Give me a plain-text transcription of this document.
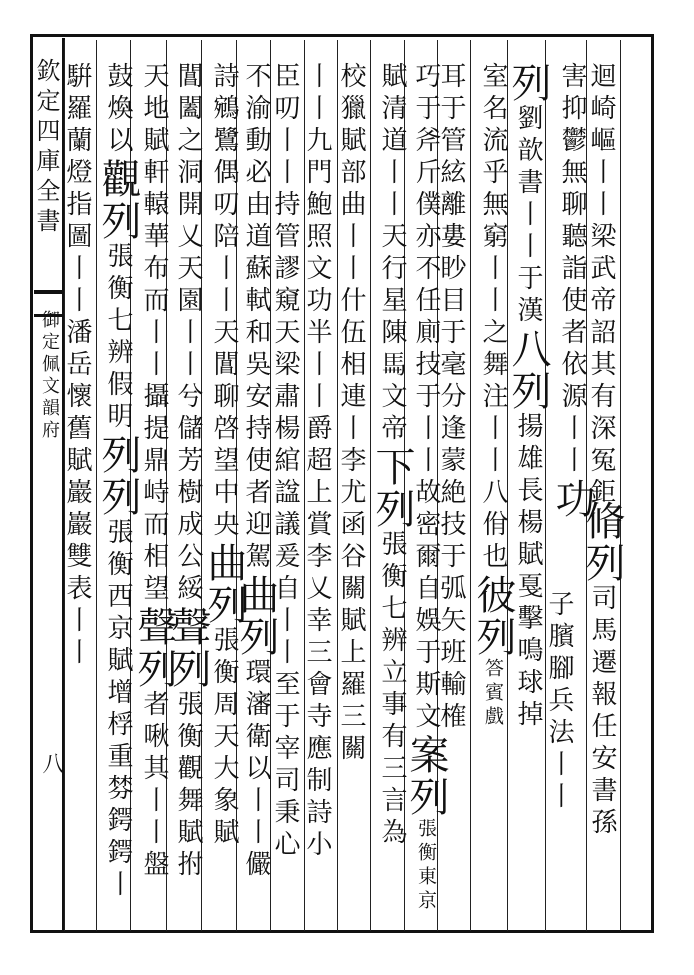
欽定四庫全書
御定佩文韻府
八
迴崎嶇丨丨梁武帝詔其有深冤鉅
害抑鬱無聊聽詣使者依源丨丨功
列劉歆書丨丨于漢八列揚雄長楊賦戛擊鳴球掉
室名流乎無窮丨丨之舞注丨丨八佾也彼列答賓戲
脩列司馬遷報任安書孫
子臏腳兵法丨丨
耳于管絃離婁眇目于毫分逢蒙絶技于弧矢班輸榷
巧于斧斤僕亦不任廁技于丨丨故密爾自娛于斯文案列張衡東京
賦清道丨丨天行星陳𩡧文帝下列張衡七辨立事有三言為
校獵賦部曲丨丨什伍相連丨李尤函谷關賦上羅三關
丨丨九門鮑照文功半丨丨爵超上賞李乂幸三會寺應制詩小
臣叨丨丨持管謬窺天梁肅楊綰諡議爰自丨丨至于宰司秉心
不渝動必由道蘇軾和吳安持使者迎駕曲列環瀋衛以丨丨儼
詩鵷鷺偶叨陪丨丨天閶聊啓望中央曲列張衡周天大象賦
閶闔之洞開乂天園丨丨兮儲芳樹成公綏聲列張衡觀舞賦拊
天地賦軒轅華布而丨丨攝提鼎峙而相望聲列者啾其丨丨盤
鼓煥以觀列張衡七辨假明列列張衡西京賦增桴重棼鍔鍔丨
騈羅蘭燈指圖丨丨潘岳懷舊賦巖巖雙表丨丨
